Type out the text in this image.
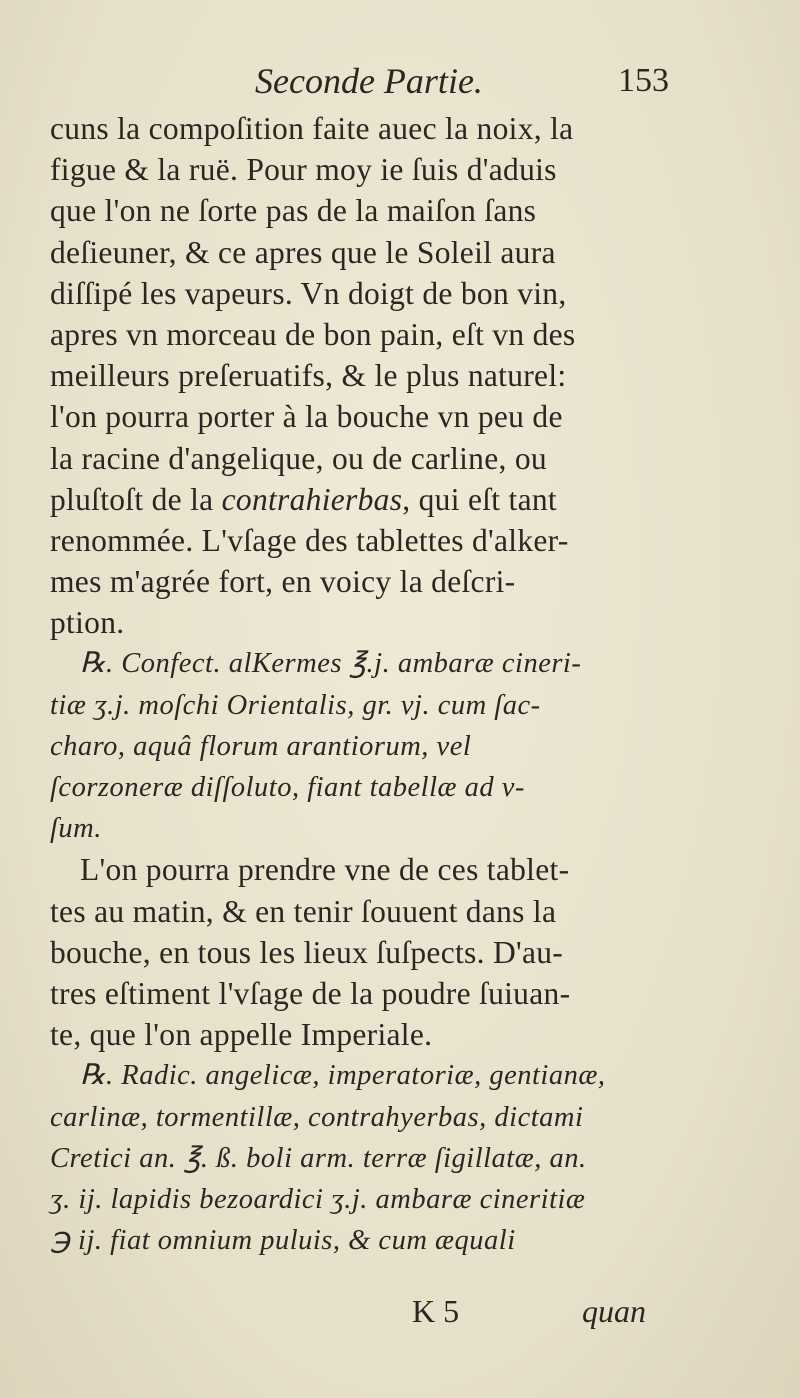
Seconde Partie.	153
cuns la compoſition faite auec la noix, la
figue & la ruë. Pour moy ie ſuis d'aduis
que l'on ne ſorte pas de la maiſon ſans
deſieuner, & ce apres que le Soleil aura
diſſipé les vapeurs. Vn doigt de bon vin,
apres vn morceau de bon pain, eſt vn des
meilleurs preſeruatifs, & le plus naturel:
l'on pourra porter à la bouche vn peu de
la racine d'angelique, ou de carline, ou
pluſtoſt de la contrahierbas, qui eſt tant
renommée. L'vſage des tablettes d'alker-
mes m'agrée fort, en voicy la deſcri-
ption.
℞. Confect. alKermes ℥.j. ambaræ cineri-
tiæ ʒ.j. moſchi Orientalis, gr. vj. cum ſac-
charo, aquâ florum arantiorum, vel
ſcorzoneræ diſſoluto, fiant tabellæ ad v-
ſum.
L'on pourra prendre vne de ces tablet-
tes au matin, & en tenir ſouuent dans la
bouche, en tous les lieux ſuſpects. D'au-
tres eſtiment l'vſage de la poudre ſuiuan-
te, que l'on appelle Imperiale.
℞. Radic. angelicæ, imperatoriæ, gentianæ,
carlinæ, tormentillæ, contrahyerbas, dictami
Cretici an. ℥. ß. boli arm. terræ ſigillatæ, an.
ʒ. ij. lapidis bezoardici ʒ.j. ambaræ cineritiæ
℈ ij. fiat omnium puluis, & cum æquali
K 5	quan
